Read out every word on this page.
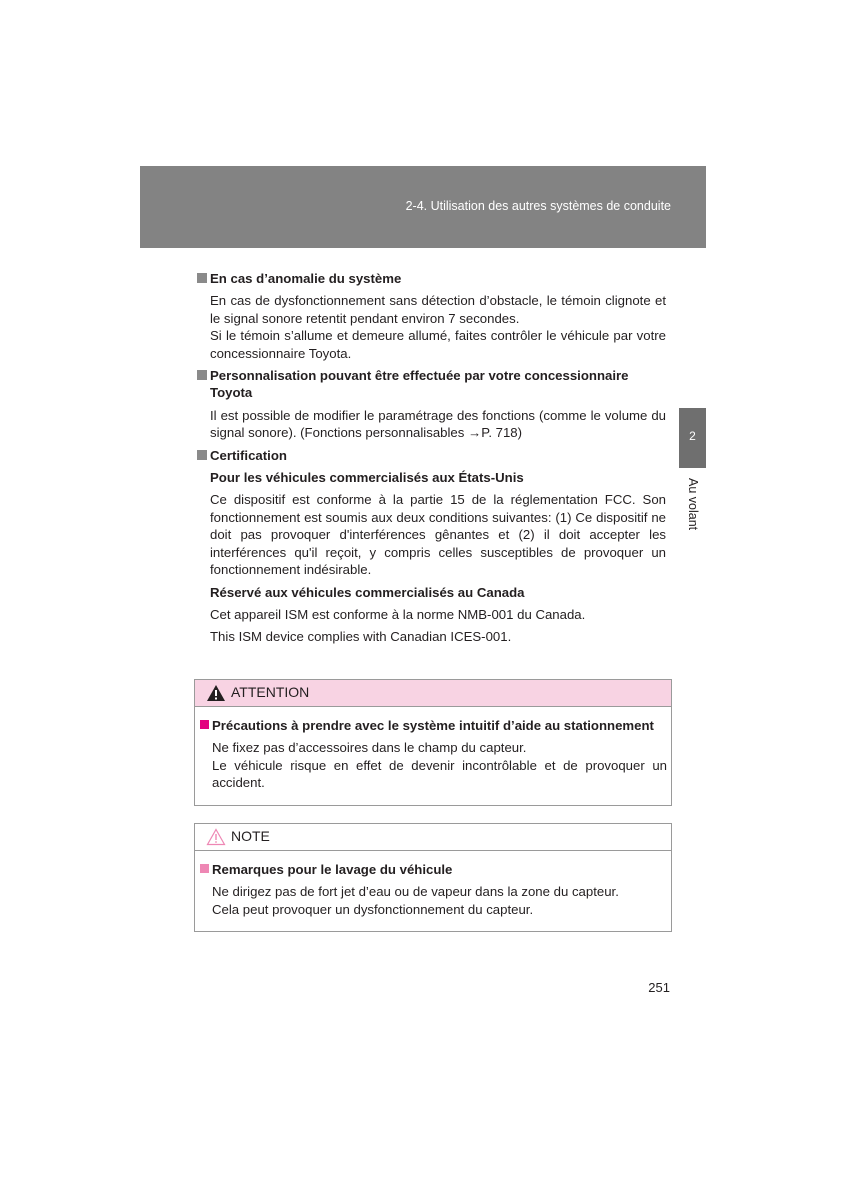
2-4. Utilisation des autres systèmes de conduite
2
Au volant
En cas d’anomalie du système
En cas de dysfonctionnement sans détection d’obstacle, le témoin clignote et le signal sonore retentit pendant environ 7 secondes.
Si le témoin s’allume et demeure allumé, faites contrôler le véhicule par votre concessionnaire Toyota.
Personnalisation pouvant être effectuée par votre concessionnaire Toyota
Il est possible de modifier le paramétrage des fonctions (comme le volume du signal sonore). (Fonctions personnalisables →P. 718)
Certification
Pour les véhicules commercialisés aux États-Unis
Ce dispositif est conforme à la partie 15 de la réglementation FCC. Son fonctionnement est soumis aux deux conditions suivantes: (1) Ce dispositif ne doit pas provoquer d'interférences gênantes et (2) il doit accepter les interférences qu'il reçoit, y compris celles susceptibles de provoquer un fonctionnement indésirable.
Réservé aux véhicules commercialisés au Canada
Cet appareil ISM est conforme à la norme NMB-001 du Canada.
This ISM device complies with Canadian ICES-001.
ATTENTION
Précautions à prendre avec le système intuitif d’aide au stationnement
Ne fixez pas d’accessoires dans le champ du capteur.
Le véhicule risque en effet de devenir incontrôlable et de provoquer un accident.
NOTE
Remarques pour le lavage du véhicule
Ne dirigez pas de fort jet d’eau ou de vapeur dans la zone du capteur.
Cela peut provoquer un dysfonctionnement du capteur.
251
